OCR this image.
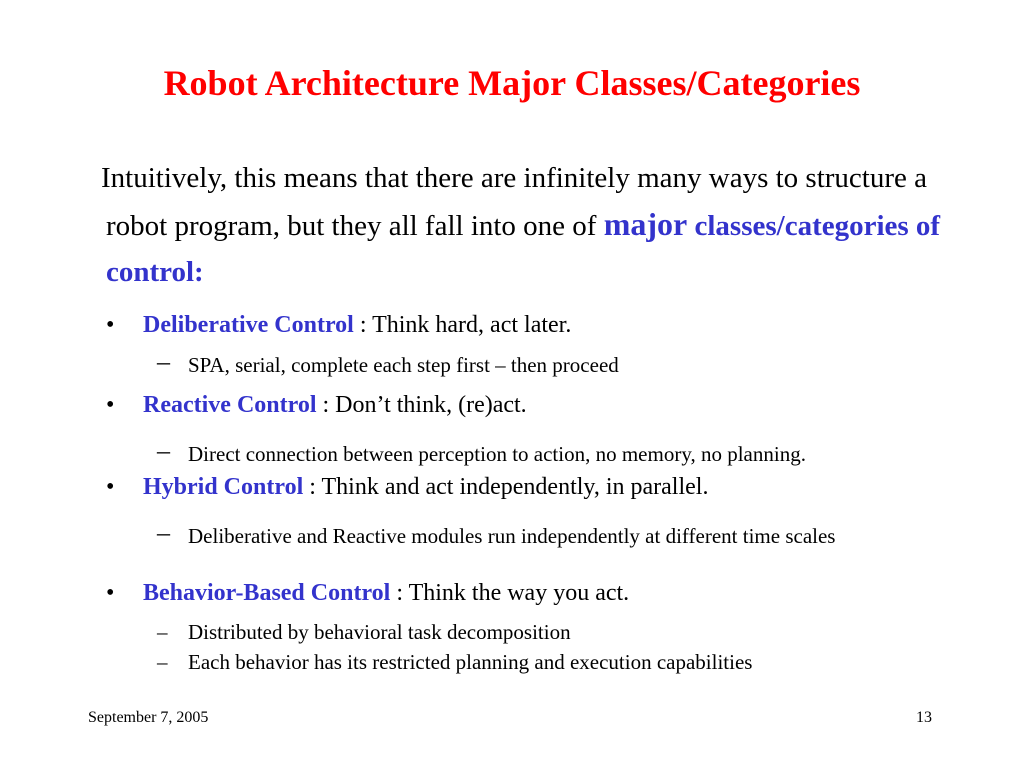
Robot Architecture Major Classes/Categories
Intuitively, this means that there are infinitely many ways to structure a robot program, but they all fall into one of major classes/categories of control:
• Deliberative Control : Think hard, act later.
– SPA, serial, complete each step first – then proceed
• Reactive Control : Don’t think, (re)act.
– Direct connection between perception to action, no memory, no planning.
• Hybrid Control : Think and act independently, in parallel.
– Deliberative and Reactive modules run independently at different time scales
• Behavior-Based Control : Think the way you act.
– Distributed by behavioral task decomposition
– Each behavior has its restricted planning and execution capabilities
September 7, 2005	13
